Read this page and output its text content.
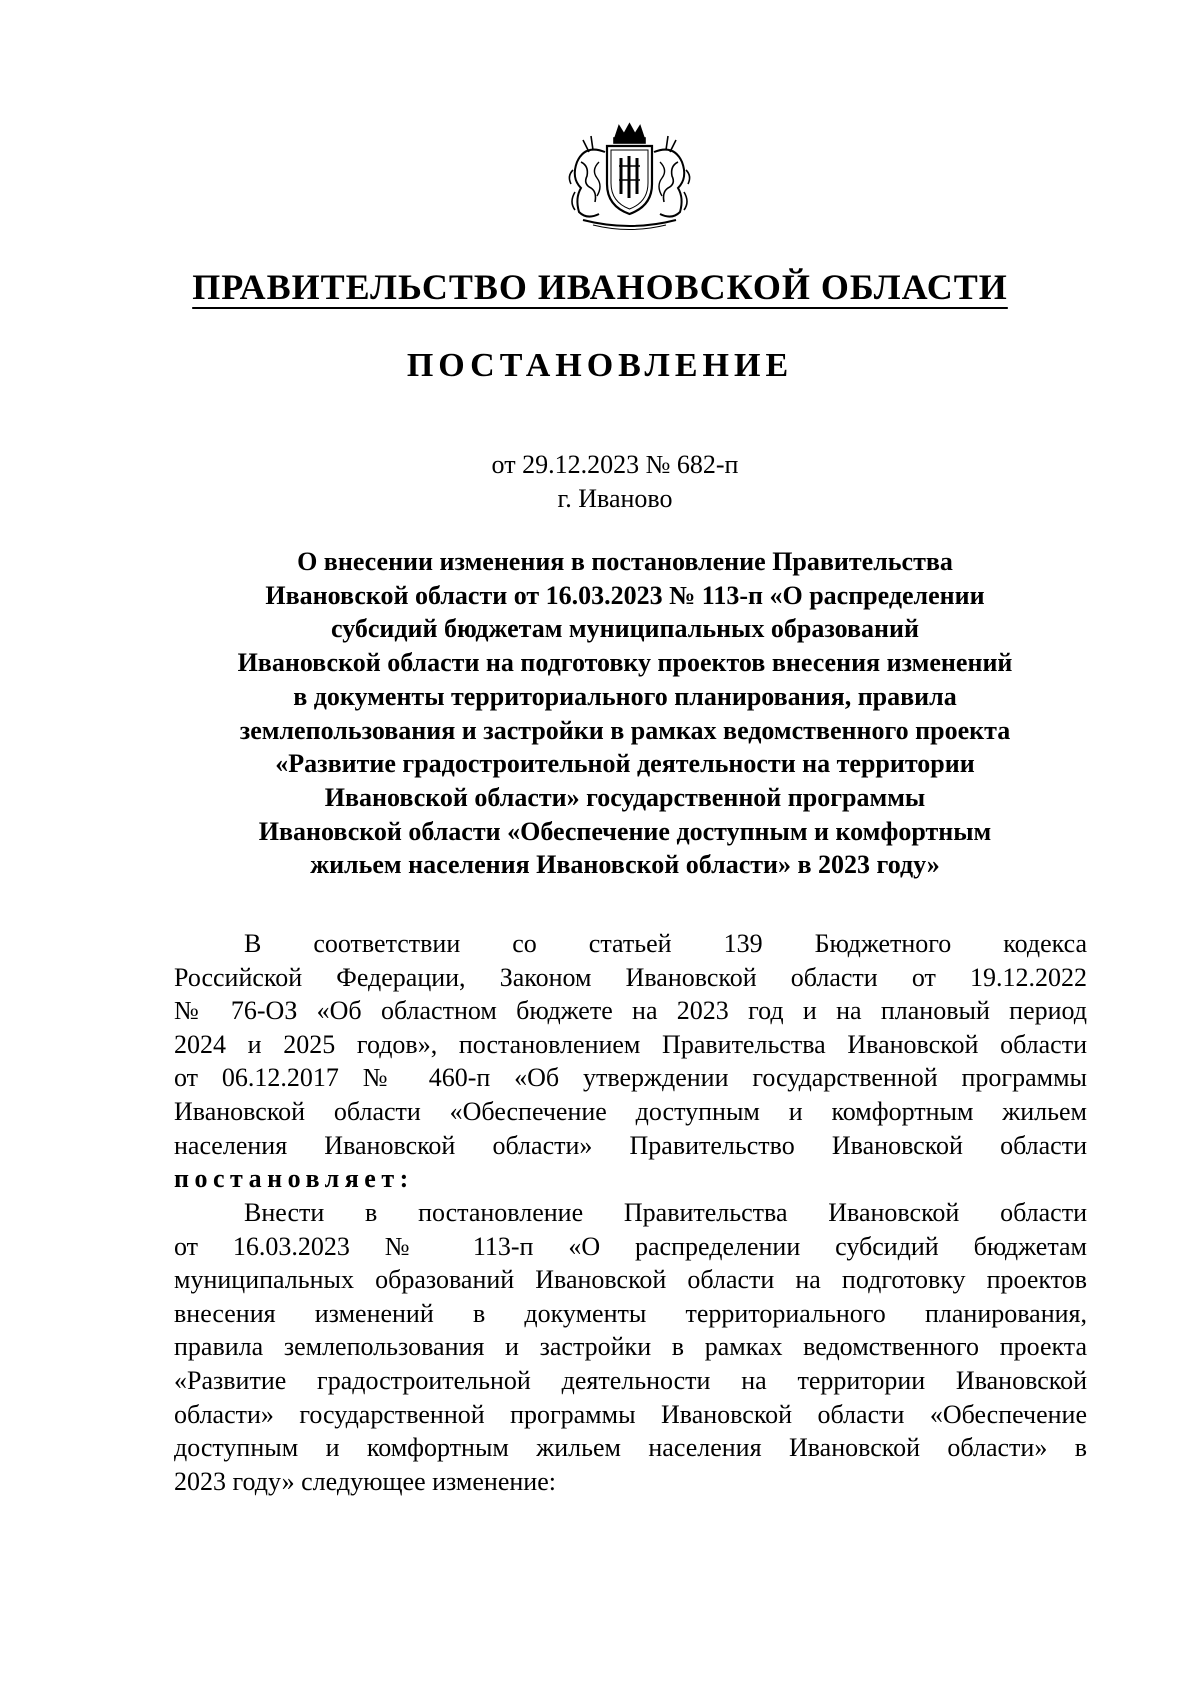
ПРАВИТЕЛЬСТВО ИВАНОВСКОЙ ОБЛАСТИ
ПОСТАНОВЛЕНИЕ
от 29.12.2023 № 682-п
г. Иваново
О внесении изменения в постановление Правительства
Ивановской области от 16.03.2023 № 113-п «О распределении
субсидий бюджетам муниципальных образований
Ивановской области на подготовку проектов внесения изменений
в документы территориального планирования, правила
землепользования и застройки в рамках ведомственного проекта
«Развитие градостроительной деятельности на территории
Ивановской области» государственной программы
Ивановской области «Обеспечение доступным и комфортным
жильем населения Ивановской области» в 2023 году»
В соответствии со статьей 139 Бюджетного кодекса
Российской Федерации, Законом Ивановской области от 19.12.2022
№ 76-ОЗ «Об областном бюджете на 2023 год и на плановый период
2024 и 2025 годов», постановлением Правительства Ивановской области
от 06.12.2017 № 460-п «Об утверждении государственной программы
Ивановской области «Обеспечение доступным и комфортным жильем
населения Ивановской области» Правительство Ивановской области
постановляет:
Внести в постановление Правительства Ивановской области
от 16.03.2023 № 113-п «О распределении субсидий бюджетам
муниципальных образований Ивановской области на подготовку проектов
внесения изменений в документы территориального планирования,
правила землепользования и застройки в рамках ведомственного проекта
«Развитие градостроительной деятельности на территории Ивановской
области» государственной программы Ивановской области «Обеспечение
доступным и комфортным жильем населения Ивановской области» в
2023 году» следующее изменение:
